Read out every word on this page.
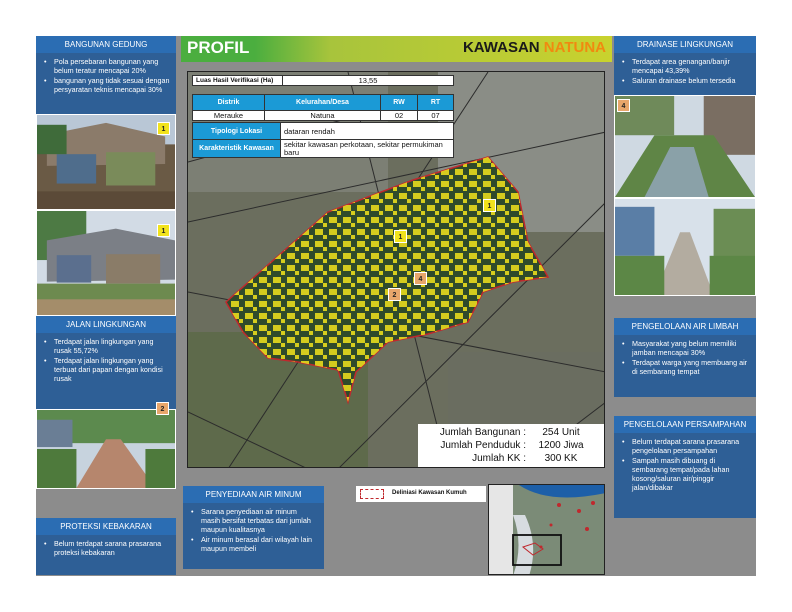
BANGUNAN GEDUNG
• Pola persebaran bangunan yang belum teratur mencapai 20%
• bangunan yang tidak sesuai dengan persyaratan teknis mencapai 30%
1
1
JALAN LINGKUNGAN
• Terdapat jalan lingkungan yang rusak 55,72%
• Terdapat jalan lingkungan yang terbuat dari papan dengan kondisi rusak
2
PROTEKSI KEBAKARAN
• Belum terdapat sarana prasarana proteksi kebakaran
PROFIL	KAWASAN NATUNA
1
1
4
2
Luas Hasil Verifikasi (Ha)	13,55
Distrik	Kelurahan/Desa	RW	RT
Merauke	Natuna	02	07
Tipologi Lokasi	dataran rendah
Karakteristik Kawasan	sekitar kawasan perkotaan, sekitar permukiman baru
Jumlah Bangunan :	254 Unit
Jumlah Penduduk :	1200 Jiwa
Jumlah KK :	300 KK
PENYEDIAAN AIR MINUM
• Sarana penyediaan air minum masih bersifat terbatas dari jumlah maupun kualitasnya
• Air minum berasal dari wilayah lain maupun membeli
Deliniasi Kawasan Kumuh
DRAINASE LINGKUNGAN
• Terdapat area genangan/banjir mencapai 43,39%
• Saluran drainase belum tersedia
4
PENGELOLAAN AIR LIMBAH
• Masyarakat yang belum memiliki jamban mencapai 30%
• Terdapat warga yang membuang air di sembarang tempat
PENGELOLAAN PERSAMPAHAN
• Belum terdapat sarana prasarana pengelolaan persampahan
• Sampah masih dibuang di sembarang tempat/pada lahan kosong/saluran air/pinggir jalan/dibakar
